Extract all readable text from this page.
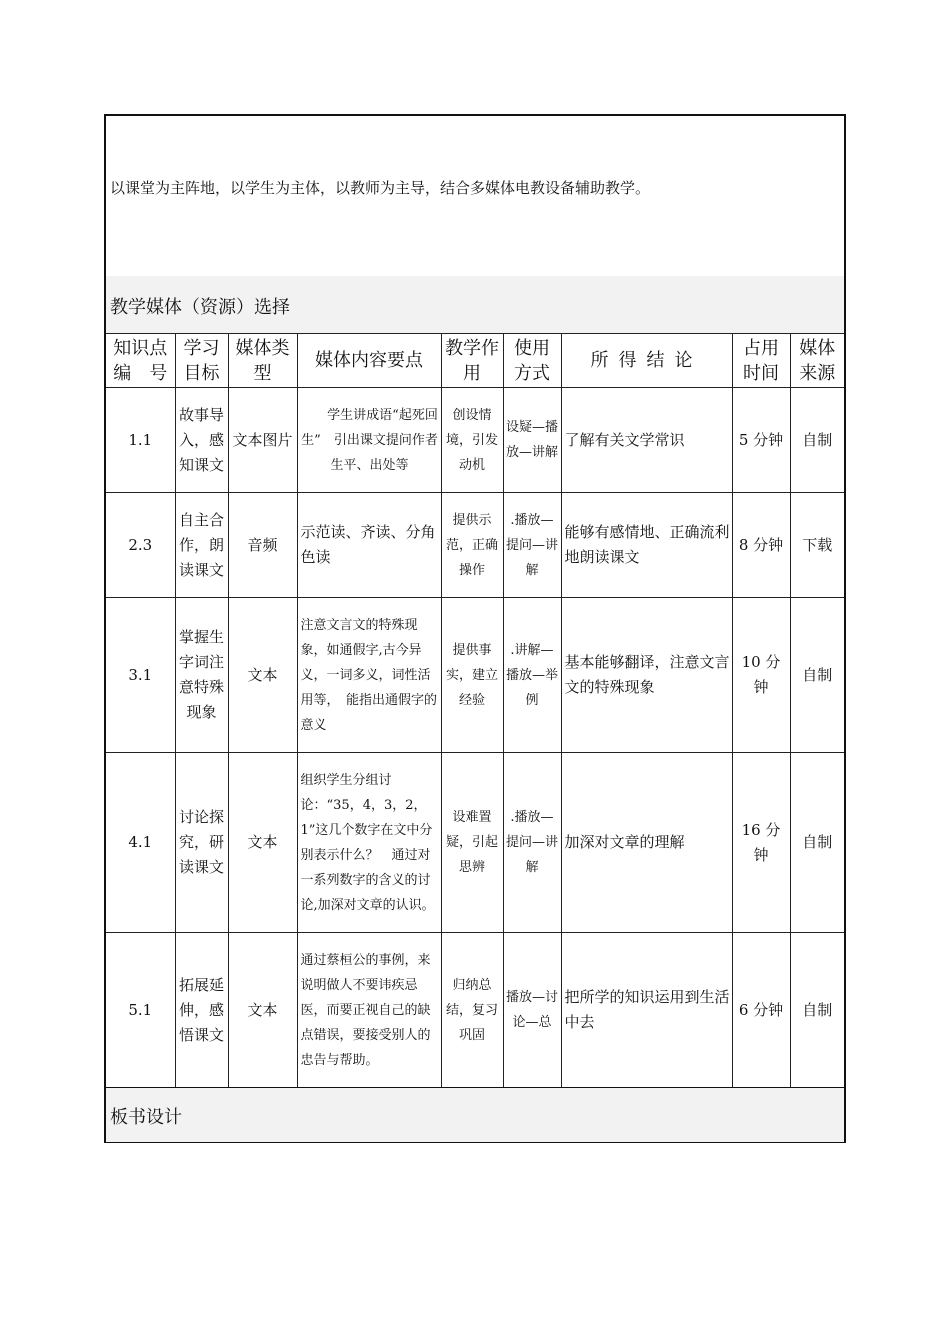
以课堂为主阵地，以学生为主体，以教师为主导，结合多媒体电教设备辅助教学。
教学媒体（资源）选择
知识点编　号	学习目标	媒体类型	媒体内容要点	教学作用	使用方式	所得结论	占用时间	媒体来源
1.1	故事导入，感知课文	文本图片	　　学生讲成语“起死回生”　引出课文提问作者生平、出处等	创设情境，引发动机	设疑—播放—讲解	了解有关文学常识	5 分钟	自制
2.3	自主合作，朗读课文	音频	示范读、齐读、分角色读	提供示范，正确操作	.播放—提问—讲解	能够有感情地、正确流利地朗读课文	8 分钟	下载
3.1	掌握生字词注意特殊现象	文本	注意文言文的特殊现象，如通假字,古今异义，一词多义，词性活用等，　能指出通假字的意义	提供事实，建立经验	.讲解—播放—举例	基本能够翻译，注意文言文的特殊现象	10 分钟	自制
4.1	讨论探究，研读课文	文本	组织学生分组讨论：“35，4，3，2，1”这几个数字在文中分别表示什么？　通过对一系列数字的含义的讨论,加深对文章的认识。	设难置疑，引起思辨	.播放—提问—讲解	加深对文章的理解	16 分钟	自制
5.1	拓展延伸，感悟课文	文本	通过蔡桓公的事例，来说明做人不要讳疾忌医，而要正视自己的缺点错误，要接受别人的忠告与帮助。	归纳总结，复习巩固	播放—讨论—总	把所学的知识运用到生活中去	6 分钟	自制
板书设计
